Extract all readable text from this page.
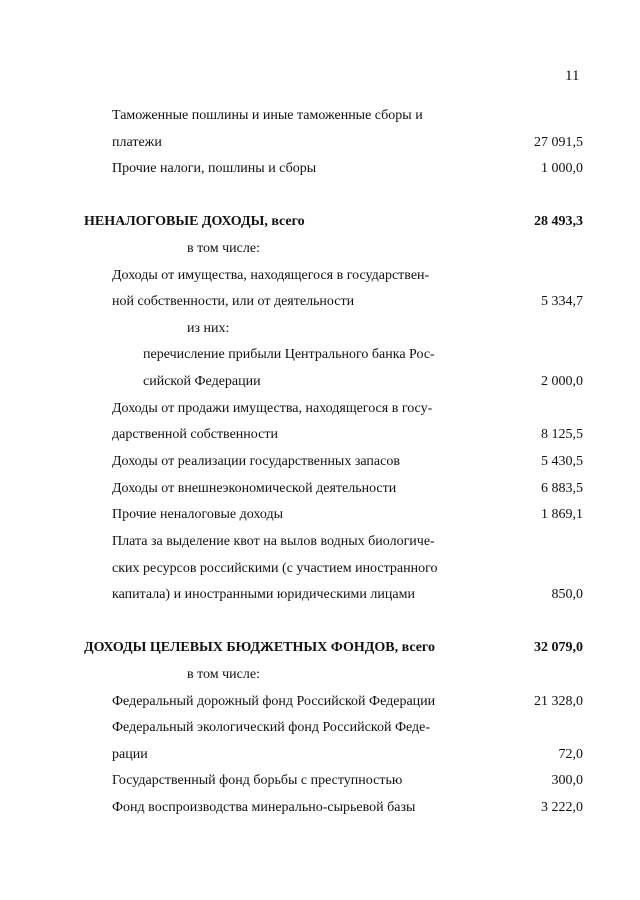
11
Таможенные пошлины и иные таможенные сборы и
платежи	27 091,5
Прочие налоги, пошлины и сборы	1 000,0
НЕНАЛОГОВЫЕ ДОХОДЫ, всего	28 493,3
в том числе:
Доходы от имущества, находящегося в государствен-
ной собственности, или от деятельности	5 334,7
из них:
перечисление прибыли Центрального банка Рос-
сийской Федерации	2 000,0
Доходы от продажи имущества, находящегося в госу-
дарственной собственности	8 125,5
Доходы от реализации государственных запасов	5 430,5
Доходы от внешнеэкономической деятельности	6 883,5
Прочие неналоговые доходы	1 869,1
Плата за выделение квот на вылов водных биологиче-
ских ресурсов российскими (с участием иностранного
капитала) и иностранными юридическими лицами	850,0
ДОХОДЫ ЦЕЛЕВЫХ БЮДЖЕТНЫХ ФОНДОВ, всего	32 079,0
в том числе:
Федеральный дорожный фонд Российской Федерации	21 328,0
Федеральный экологический фонд Российской Феде-
рации	72,0
Государственный фонд борьбы с преступностью	300,0
Фонд воспроизводства минерально-сырьевой базы	3 222,0
